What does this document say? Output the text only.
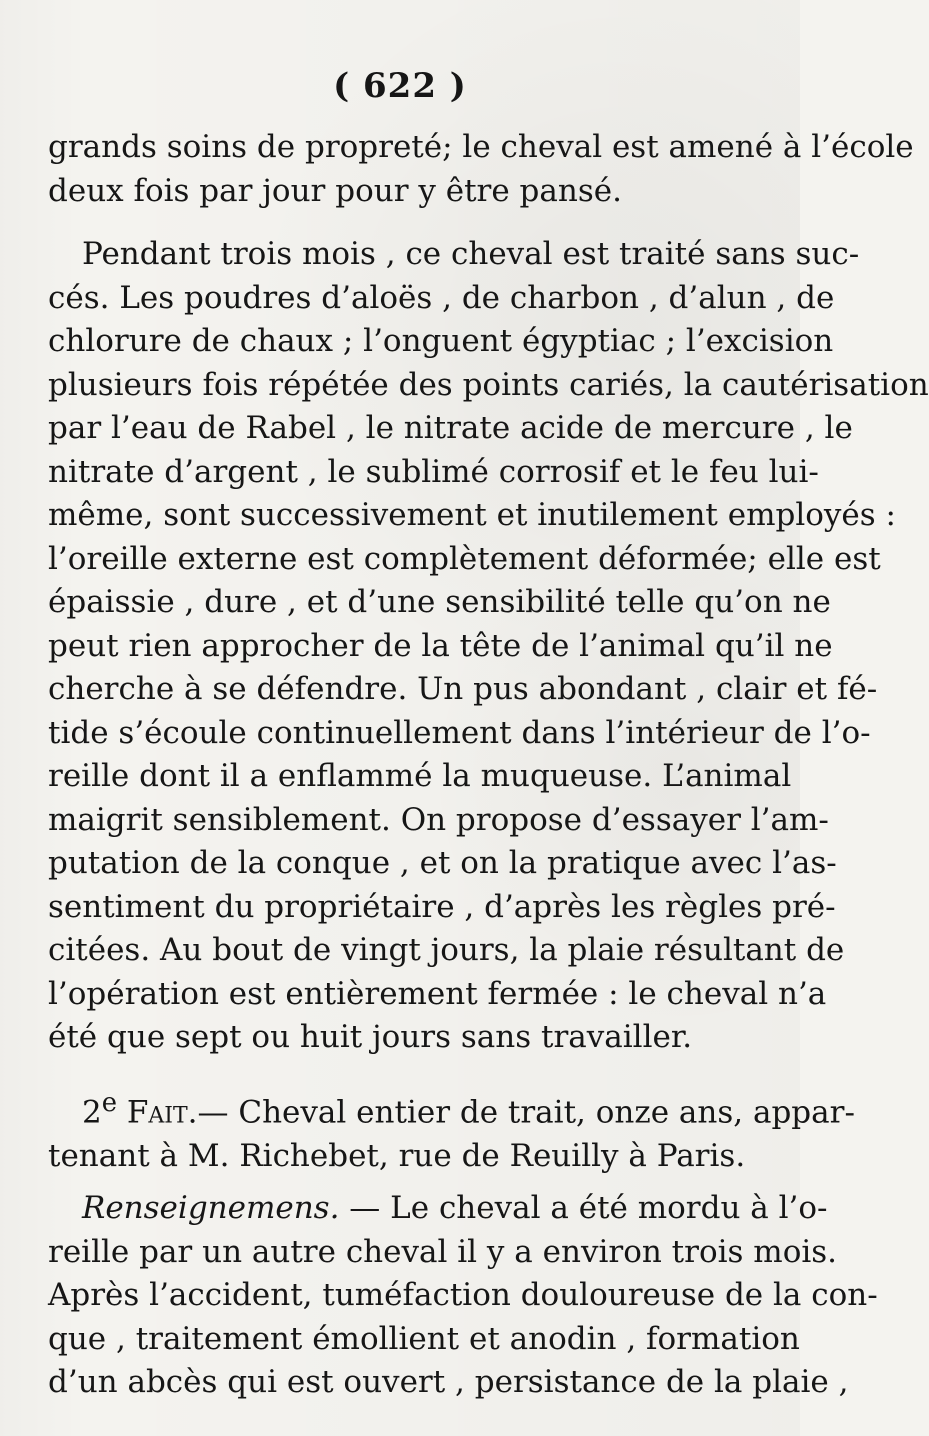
( 622 )
grands soins de propreté; le cheval est amené à l’école
deux fois par jour pour y être pansé.
Pendant trois mois , ce cheval est traité sans suc-
cés. Les poudres d’aloës , de charbon , d’alun , de
chlorure de chaux ; l’onguent égyptiac ; l’excision
plusieurs fois répétée des points cariés, la cautérisation
par l’eau de Rabel , le nitrate acide de mercure , le
nitrate d’argent , le sublimé corrosif et le feu lui-
même, sont successivement et inutilement employés :
l’oreille externe est complètement déformée; elle est
épaissie , dure , et d’une sensibilité telle qu’on ne
peut rien approcher de la tête de l’animal qu’il ne
cherche à se défendre. Un pus abondant , clair et fé-
tide s’écoule continuellement dans l’intérieur de l’o-
reille dont il a enflammé la muqueuse. L’animal
maigrit sensiblement. On propose d’essayer l’am-
putation de la conque , et on la pratique avec l’as-
sentiment du propriétaire , d’après les règles pré-
citées. Au bout de vingt jours, la plaie résultant de
l’opération est entièrement fermée : le cheval n’a
été que sept ou huit jours sans travailler.
2e Fait.— Cheval entier de trait, onze ans, appar-
tenant à M. Richebet, rue de Reuilly à Paris.
Renseignemens. — Le cheval a été mordu à l’o-
reille par un autre cheval il y a environ trois mois.
Après l’accident, tuméfaction douloureuse de la con-
que , traitement émollient et anodin , formation
d’un abcès qui est ouvert , persistance de la plaie ,
